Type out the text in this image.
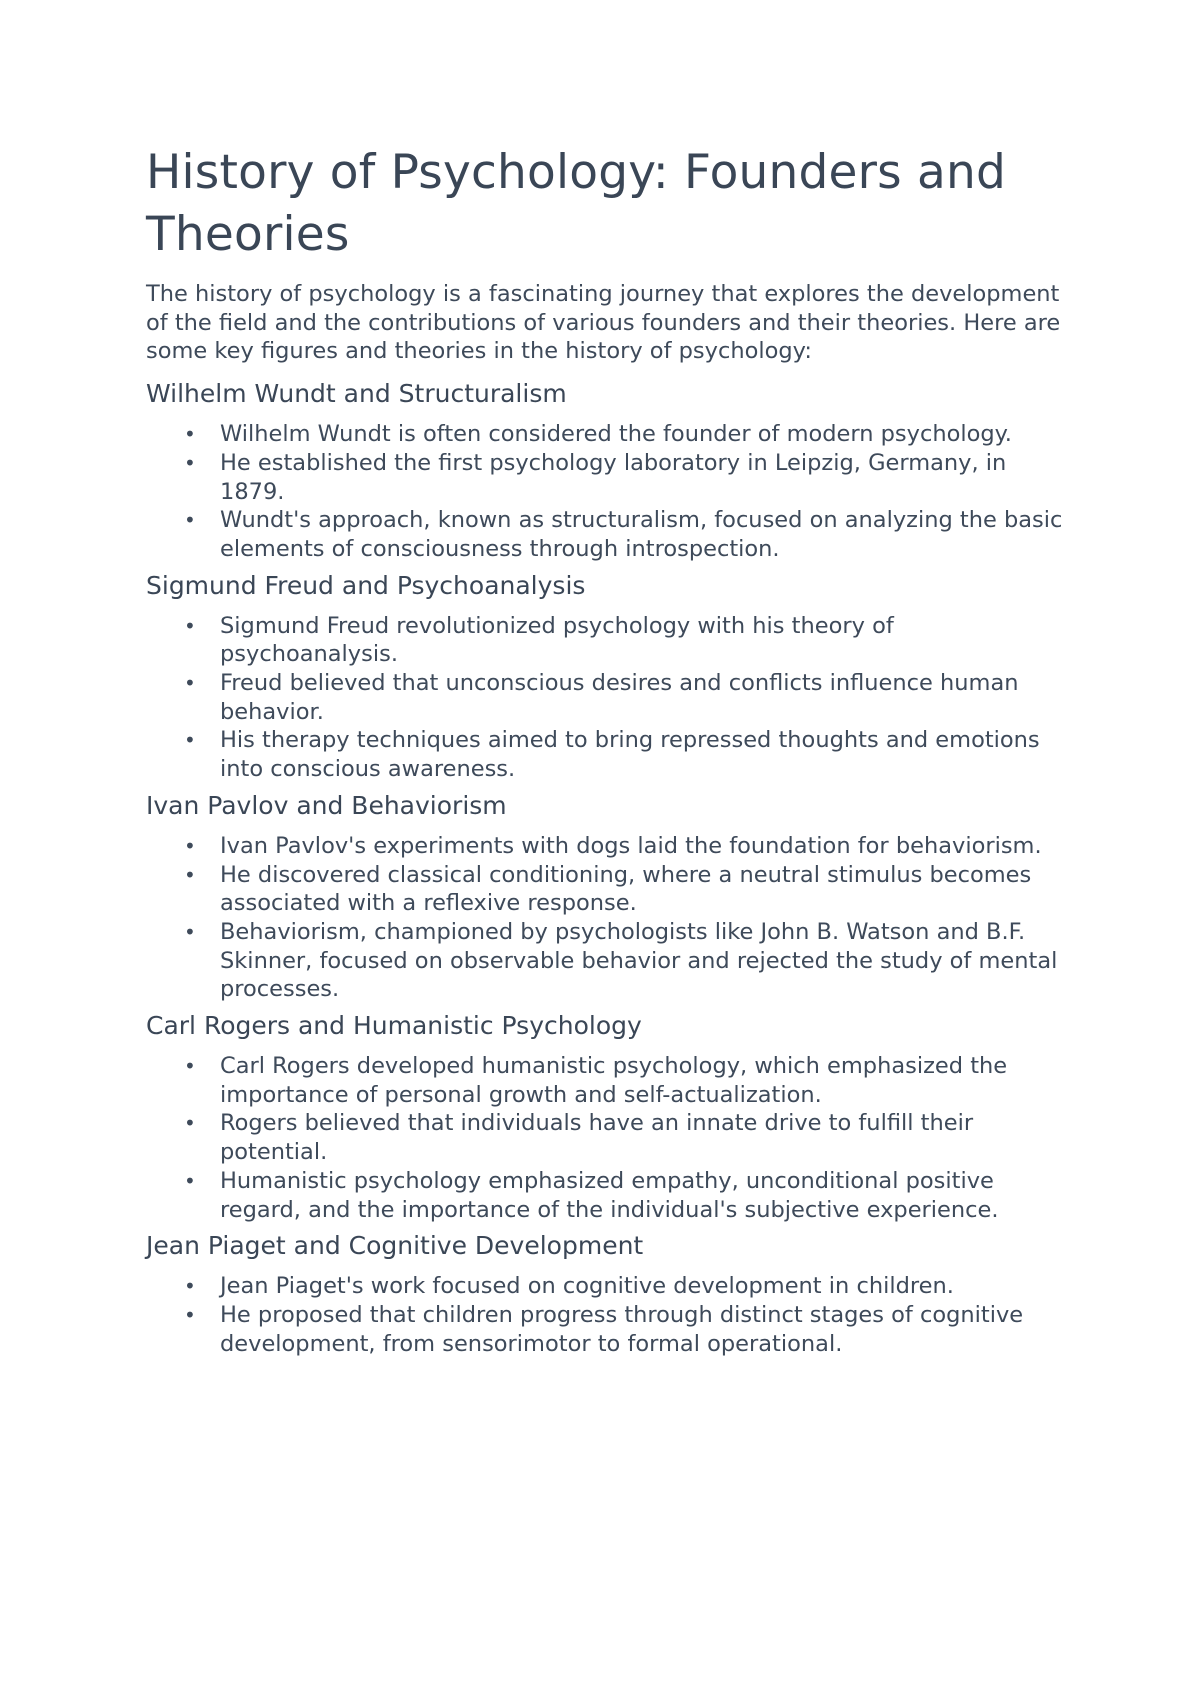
History of Psychology: Founders and Theories

The history of psychology is a fascinating journey that explores the development of the field and the contributions of various founders and their theories. Here are some key figures and theories in the history of psychology:

Wilhelm Wundt and Structuralism
• Wilhelm Wundt is often considered the founder of modern psychology.
• He established the first psychology laboratory in Leipzig, Germany, in 1879.
• Wundt's approach, known as structuralism, focused on analyzing the basic elements of consciousness through introspection.
Sigmund Freud and Psychoanalysis
• Sigmund Freud revolutionized psychology with his theory of psychoanalysis.
• Freud believed that unconscious desires and conflicts influence human behavior.
• His therapy techniques aimed to bring repressed thoughts and emotions into conscious awareness.
Ivan Pavlov and Behaviorism
• Ivan Pavlov's experiments with dogs laid the foundation for behaviorism.
• He discovered classical conditioning, where a neutral stimulus becomes associated with a reflexive response.
• Behaviorism, championed by psychologists like John B. Watson and B.F. Skinner, focused on observable behavior and rejected the study of mental processes.
Carl Rogers and Humanistic Psychology
• Carl Rogers developed humanistic psychology, which emphasized the importance of personal growth and self-actualization.
• Rogers believed that individuals have an innate drive to fulfill their potential.
• Humanistic psychology emphasized empathy, unconditional positive regard, and the importance of the individual's subjective experience.
Jean Piaget and Cognitive Development
• Jean Piaget's work focused on cognitive development in children.
• He proposed that children progress through distinct stages of cognitive development, from sensorimotor to formal operational.
